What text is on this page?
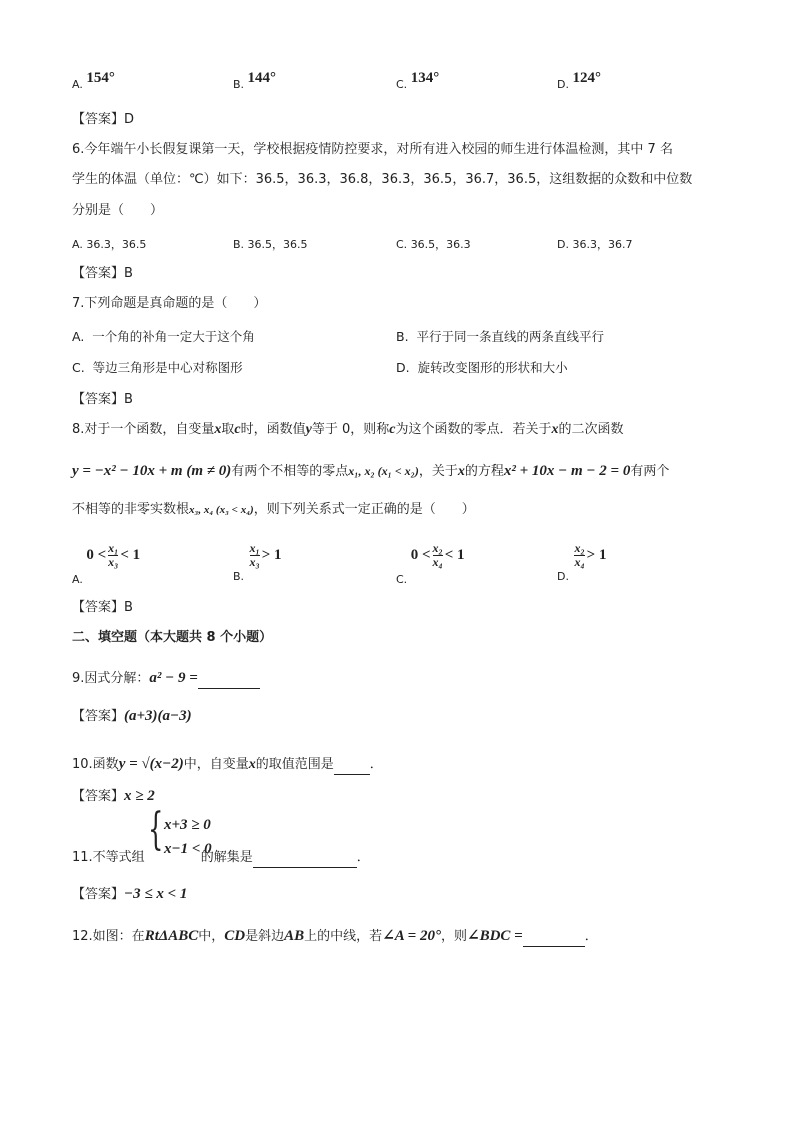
A. 154°	B. 144°	C. 134°	D. 124°
【答案】D
6.今年端午小长假复课第一天，学校根据疫情防控要求，对所有进入校园的师生进行体温检测，其中 7 名
学生的体温（单位：℃）如下：36.5，36.3，36.8，36.3，36.5，36.7，36.5，这组数据的众数和中位数
分别是（　　）
A. 36.3，36.5	B. 36.5，36.5	C. 36.5，36.3	D. 36.3，36.7
【答案】B
7.下列命题是真命题的是（　　）
A. 一个角的补角一定大于这个角	B. 平行于同一条直线的两条直线平行
C. 等边三角形是中心对称图形	D. 旋转改变图形的形状和大小
【答案】B
8.对于一个函数，自变量x取c时，函数值y等于 0，则称c为这个函数的零点．若关于x的二次函数
y = −x² − 10x + m (m ≠ 0)有两个不相等的零点x₁, x₂ (x₁ < x₂)，关于x的方程x² + 10x − m − 2 = 0有两个
不相等的非零实数根x₃, x₄ (x₃ < x₄)，则下列关系式一定正确的是（　　）
A.
$0 < \frac{\text{x₁}}{\text{x₃}} < 1$
B.
$\frac{\text{x₁}}{\text{x₃}} > 1$
C.
$0 < \frac{\text{x₂}}{\text{x₄}} < 1$
D.
$\frac{\text{x₂}}{\text{x₄}} > 1$
【答案】B
二、填空题（本大题共 8 个小题）
9.因式分解：a² − 9 =
【答案】(a+3)(a−3)
10.函数y = √(x−2)中，自变量x的取值范围是	．
【答案】x ≥ 2
{ x+3 ≥ 0
x−1 < 0
11.不等式组	的解集是	．
【答案】−3 ≤ x < 1
12.如图：在RtΔABC中，CD是斜边AB上的中线，若∠A = 20°，则∠BDC =	．
